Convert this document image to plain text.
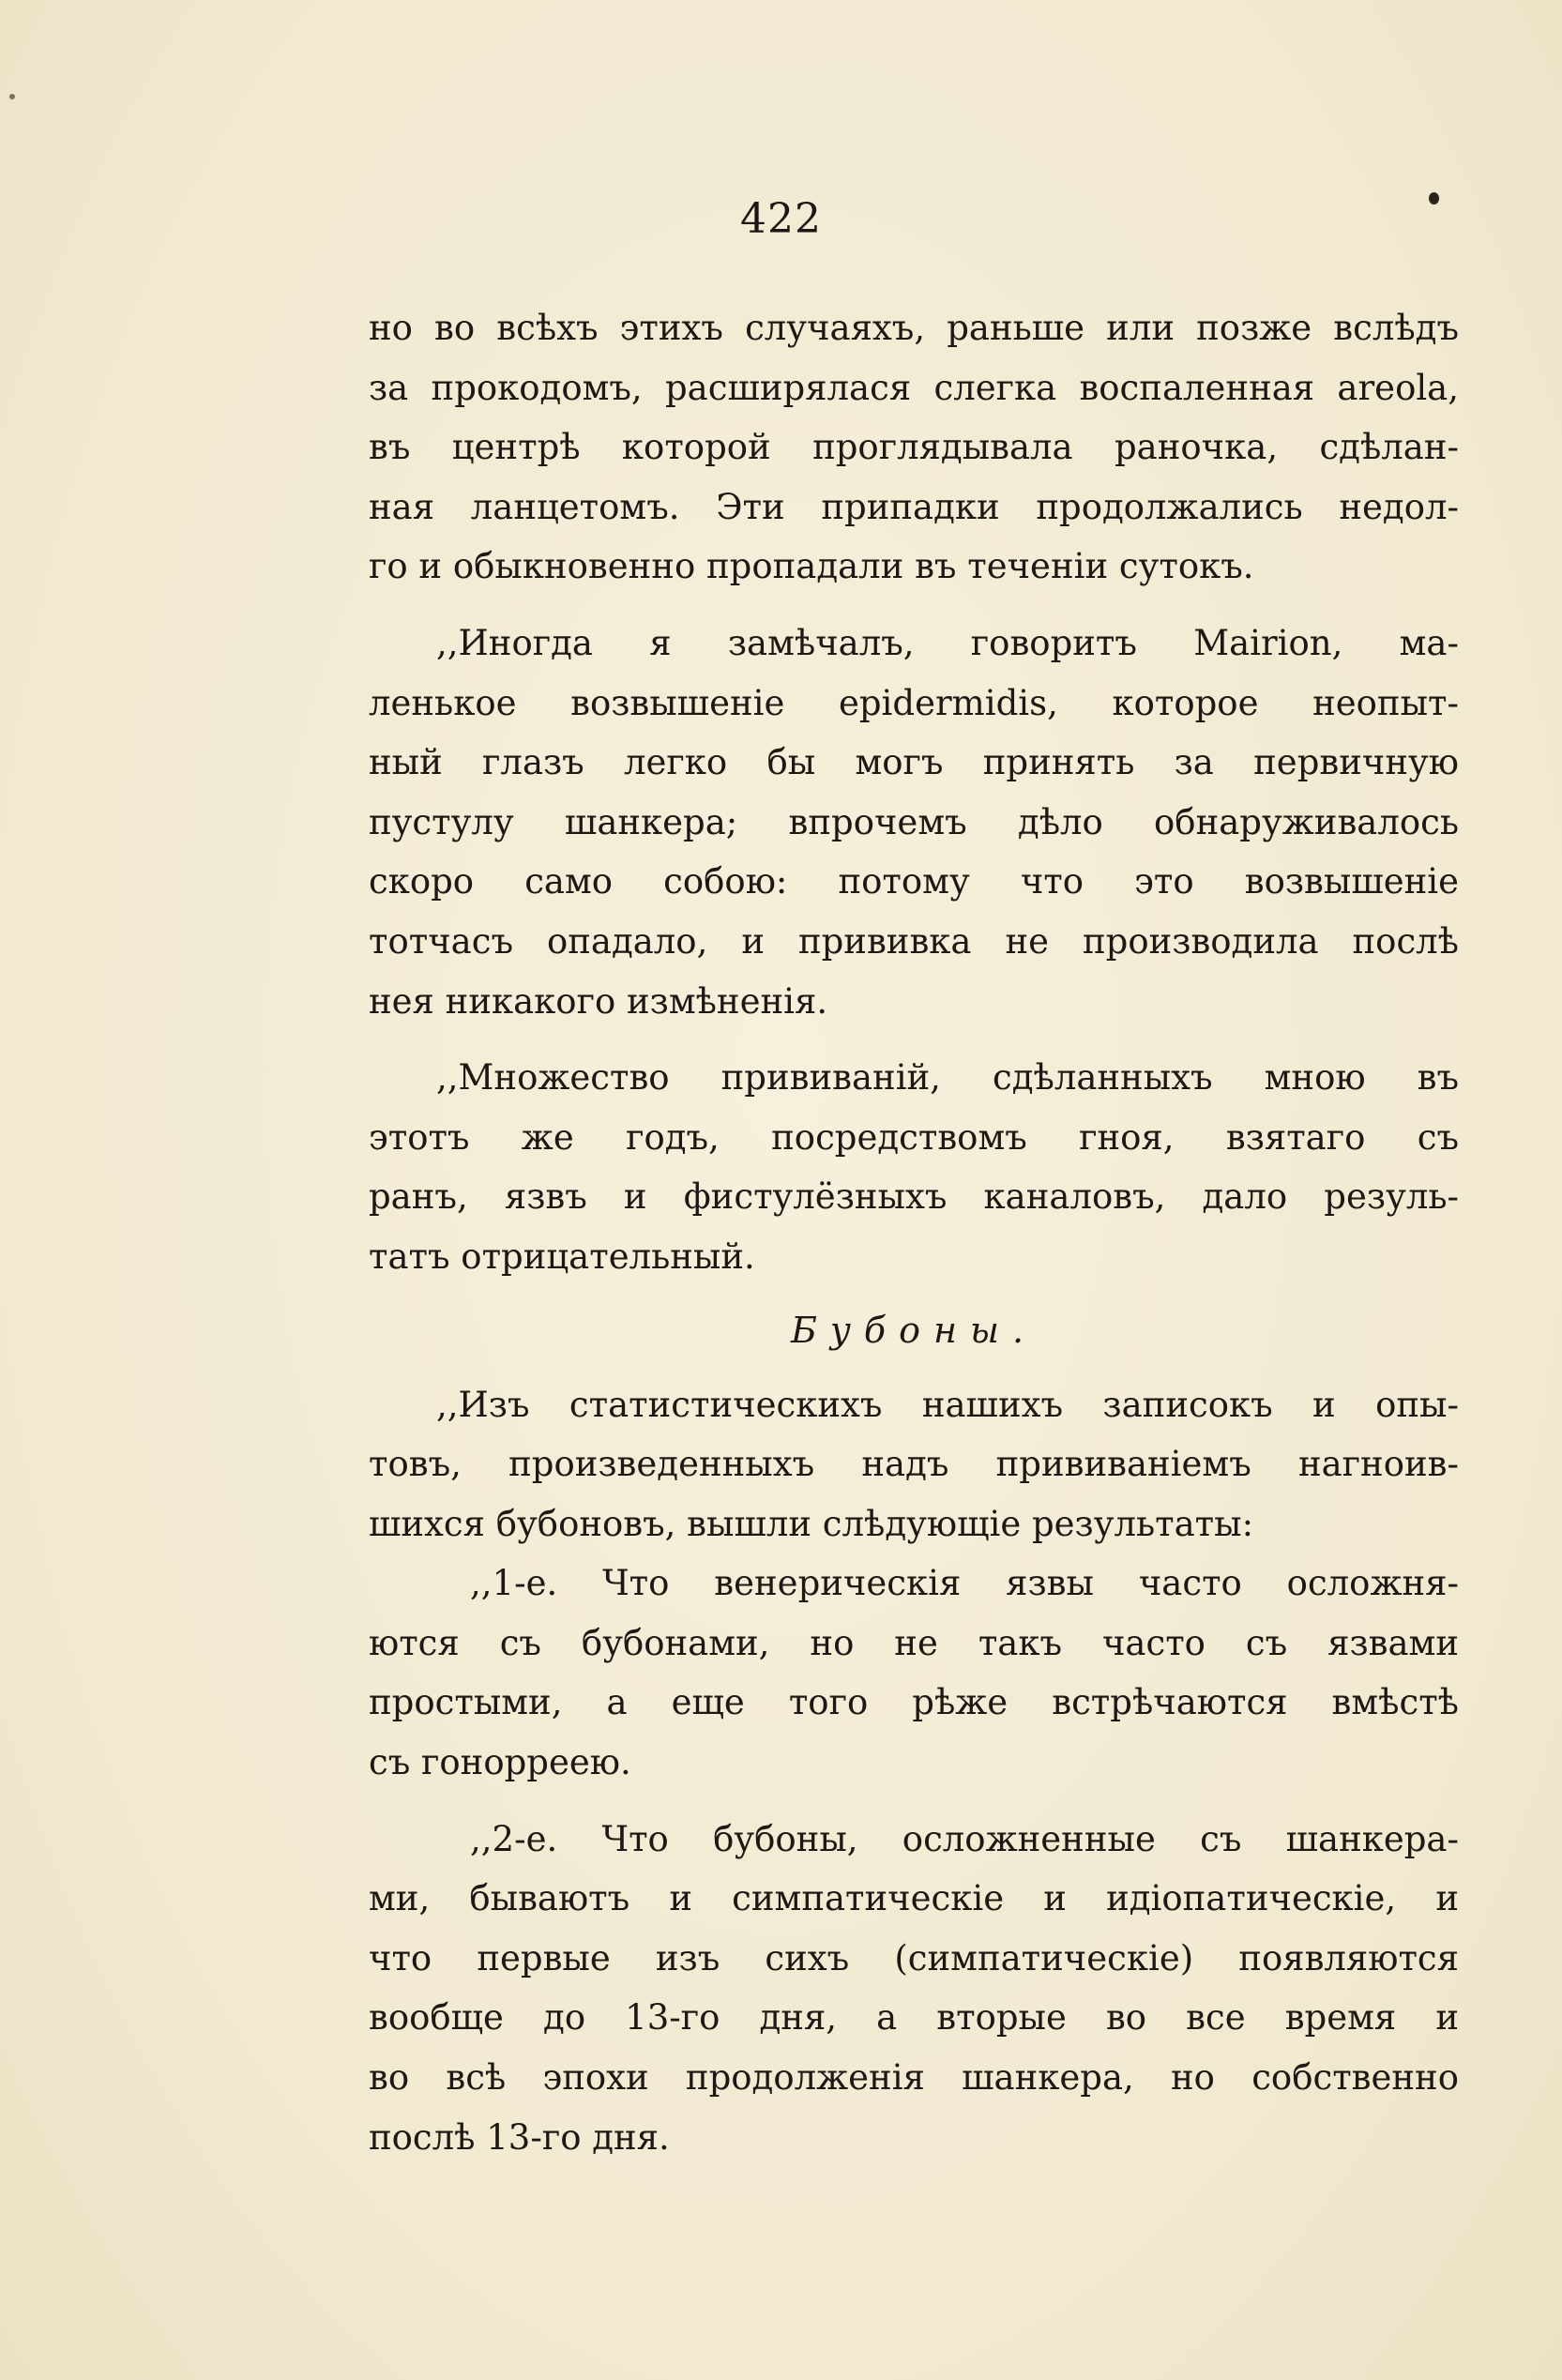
422
но во всѣхъ этихъ случаяхъ, раньше или позже вслѣдъ
за прокодомъ, расширялася слегка воспаленная areola,
въ центрѣ которой проглядывала раночка, сдѣлан-
ная ланцетомъ. Эти припадки продолжались недол-
го и обыкновенно пропадали въ теченіи сутокъ.
,,Иногда я замѣчалъ, говоритъ Mairion, ма-
ленькое возвышеніе epidermidis, которое неопыт-
ный глазъ легко бы могъ принять за первичную
пустулу шанкера; впрочемъ дѣло обнаруживалось
скоро само собою: потому что это возвышеніе
тотчасъ опадало, и прививка не производила послѣ
нея никакого измѣненія.
,,Множество прививаній, сдѣланныхъ мною въ
этотъ же годъ, посредствомъ гноя, взятаго съ
ранъ, язвъ и фистулёзныхъ каналовъ, дало резуль-
татъ отрицательный.
Бубоны.
,,Изъ статистическихъ нашихъ записокъ и опы-
товъ, произведенныхъ надъ прививаніемъ нагноив-
шихся бубоновъ, вышли слѣдующіе результаты:
,,1-е. Что венерическія язвы часто осложня-
ются съ бубонами, но не такъ часто съ язвами
простыми, а еще того рѣже встрѣчаются вмѣстѣ
съ гонорреею.
,,2-е. Что бубоны, осложненные съ шанкера-
ми, бываютъ и симпатическіе и идіопатическіе, и
что первые изъ сихъ (симпатическіе) появляются
вообще до 13-го дня, а вторые во все время и
во всѣ эпохи продолженія шанкера, но собственно
послѣ 13-го дня.
